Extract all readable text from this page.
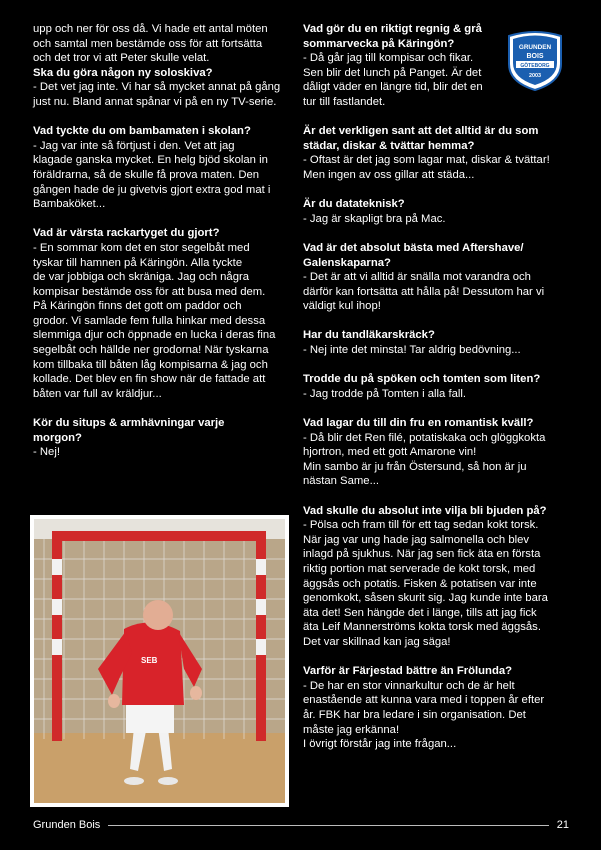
upp och ner för oss då. Vi hade ett antal möten
och samtal men bestämde oss för att fortsätta
och det tror vi att Peter skulle velat.

Ska du göra någon ny soloskiva?

- Det vet jag inte. Vi har så mycket annat på gång
just nu. Bland annat spånar vi på en ny TV-serie.

Vad tyckte du om bambamaten i skolan?

- Jag var inte så förtjust i den. Vet att jag
klagade ganska mycket. En helg bjöd skolan in
föräldrarna, så de skulle få prova maten. Den
gången hade de ju givetvis gjort extra god mat i
Bambaköket...

Vad är värsta rackartyget du gjort?

- En sommar kom det en stor segelbåt med
tyskar till hamnen på Käringön. Alla tyckte
de var jobbiga och skräniga. Jag och några
kompisar bestämde oss för att busa med dem.
På Käringön finns det gott om paddor och
grodor. Vi samlade fem fulla hinkar med dessa
slemmiga djur och öppnade en lucka i deras fina
segelbåt och hällde ner grodorna! När tyskarna
kom tillbaka till båten låg kompisarna & jag och
kollade. Det blev en fin show när de fattade att
båten var full av kräldjur...

Kör du situps & armhävningar varje
morgon?

- Nej!

SEB

Vad gör du en riktigt regnig & grå
sommarvecka på Käringön?

- Då går jag till kompisar och fikar.
Sen blir det lunch på Panget. Är det
dåligt väder en längre tid, blir det en
tur till fastlandet.

Är det verkligen sant att det alltid är du som
städar, diskar & tvättar hemma?

- Oftast är det jag som lagar mat, diskar & tvättar!
Men ingen av oss gillar att städa...

Är du datateknisk?

- Jag är skapligt bra på Mac.

Vad är det absolut bästa med Aftershave/
Galenskaparna?

- Det är att vi alltid är snälla mot varandra och
därför kan fortsätta att hålla på! Dessutom har vi
väldigt kul ihop!

Har du tandläkarskräck?

- Nej inte det minsta! Tar aldrig bedövning...

Trodde du på spöken och tomten som liten?

- Jag trodde på Tomten i alla fall.

Vad lagar du till din fru en romantisk kväll?

- Då blir det Ren filé, potatiskaka och glöggkokta
hjortron, med ett gott Amarone vin!
Min sambo är ju från Östersund, så hon är ju
nästan Same...

Vad skulle du absolut inte vilja bli bjuden på?

- Pölsa och fram till för ett tag sedan kokt torsk.
När jag var ung hade jag salmonella och blev
inlagd på sjukhus. När jag sen fick äta en första
riktig portion mat serverade de kokt torsk, med
äggsås och potatis. Fisken & potatisen var inte
genomkokt, såsen skurit sig. Jag kunde inte bara
äta det! Sen hängde det i länge, tills att jag fick
äta Leif Mannerströms kokta torsk med äggsås.
Det var skillnad kan jag säga!

Varför är Färjestad bättre än Frölunda?

- De har en stor vinnarkultur och de är helt
enastående att kunna vara med i toppen år efter
år. FBK har bra ledare i sin organisation. Det
måste jag erkänna!
I övrigt förstår jag inte frågan...

GRUNDEN
BOIS
GÖTEBORG
2003
Grunden Bois	21
